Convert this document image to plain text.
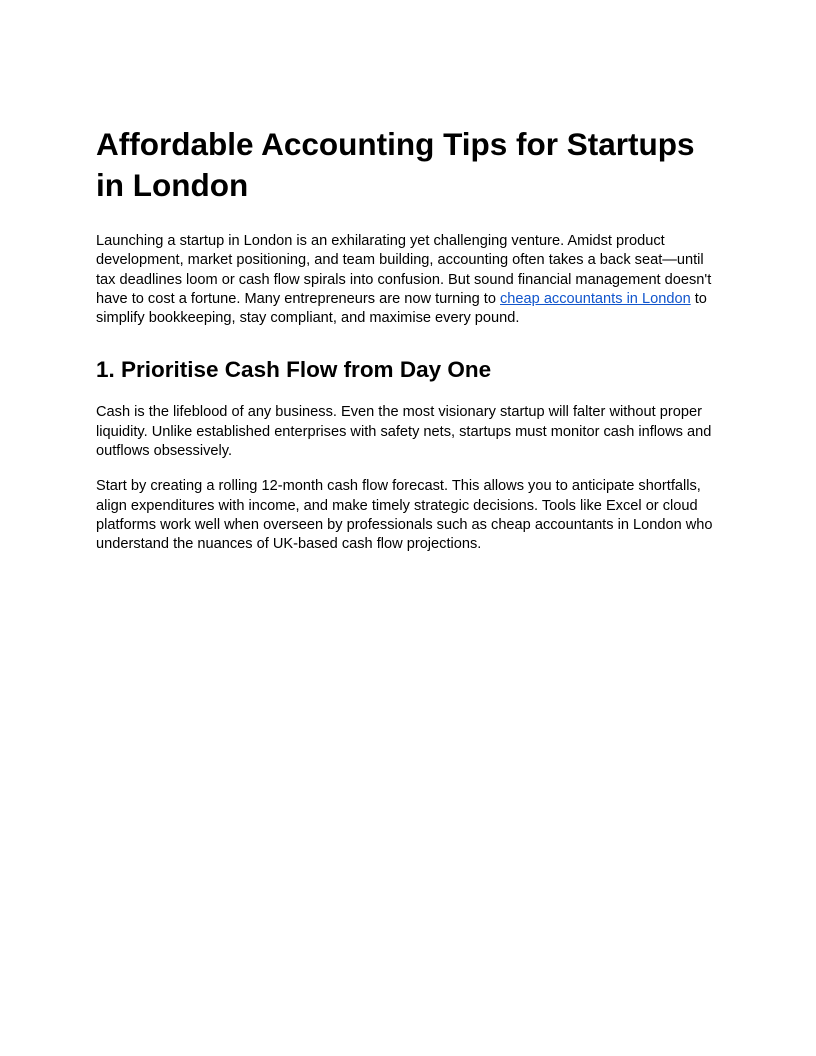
Affordable Accounting Tips for Startups in London

Launching a startup in London is an exhilarating yet challenging venture. Amidst product development, market positioning, and team building, accounting often takes a back seat—until tax deadlines loom or cash flow spirals into confusion. But sound financial management doesn't have to cost a fortune. Many entrepreneurs are now turning to cheap accountants in London to simplify bookkeeping, stay compliant, and maximise every pound.

1. Prioritise Cash Flow from Day One

Cash is the lifeblood of any business. Even the most visionary startup will falter without proper liquidity. Unlike established enterprises with safety nets, startups must monitor cash inflows and outflows obsessively.

Start by creating a rolling 12-month cash flow forecast. This allows you to anticipate shortfalls, align expenditures with income, and make timely strategic decisions. Tools like Excel or cloud platforms work well when overseen by professionals such as cheap accountants in London who understand the nuances of UK-based cash flow projections.
